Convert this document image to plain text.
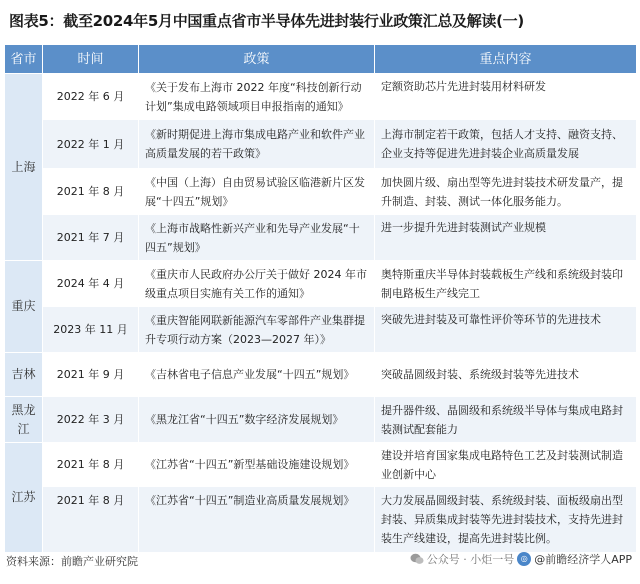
图表5：截至2024年5月中国重点省市半导体先进封装行业政策汇总及解读(一)
省市	时间	政策	重点内容
上海	2022 年 6 月	《关于发布上海市 2022 年度“科技创新行动计划”集成电路领域项目申报指南的通知》	定额资助芯片先进封装用材料研发
	2022 年 1 月	《新时期促进上海市集成电路产业和软件产业高质量发展的若干政策》	上海市制定若干政策，包括人才支持、融资支持、企业支持等促进先进封装企业高质量发展
	2021 年 8 月	《中国（上海）自由贸易试验区临港新片区发展“十四五”规划》	加快圆片级、扇出型等先进封装技术研发量产，提升制造、封装、测试一体化服务能力。
	2021 年 7 月	《上海市战略性新兴产业和先导产业发展“十四五”规划》	进一步提升先进封装测试产业规模
重庆	2024 年 4 月	《重庆市人民政府办公厅关于做好 2024 年市级重点项目实施有关工作的通知》	奥特斯重庆半导体封装载板生产线和系统级封装印制电路板生产线完工
	2023 年 11 月	《重庆智能网联新能源汽车零部件产业集群提升专项行动方案（2023—2027 年）》	突破先进封装及可靠性评价等环节的先进技术
吉林	2021 年 9 月	《吉林省电子信息产业发展“十四五”规划》	突破晶圆级封装、系统级封装等先进技术
黑龙江	2022 年 3 月	《黑龙江省“十四五”数字经济发展规划》	提升器件级、晶圆级和系统级半导体与集成电路封装测试配套能力
江苏	2021 年 8 月	《江苏省“十四五”新型基础设施建设规划》	建设并培育国家集成电路特色工艺及封装测试制造业创新中心
	2021 年 8 月	《江苏省“十四五”制造业高质量发展规划》	大力发展晶圆级封装、系统级封装、面板级扇出型封装、异质集成封装等先进封装技术，支持先进封装生产线建设，提高先进封装比例。
资料来源：前瞻产业研究院	公众号 · 小炬一号 ◎ @前瞻经济学人APP
